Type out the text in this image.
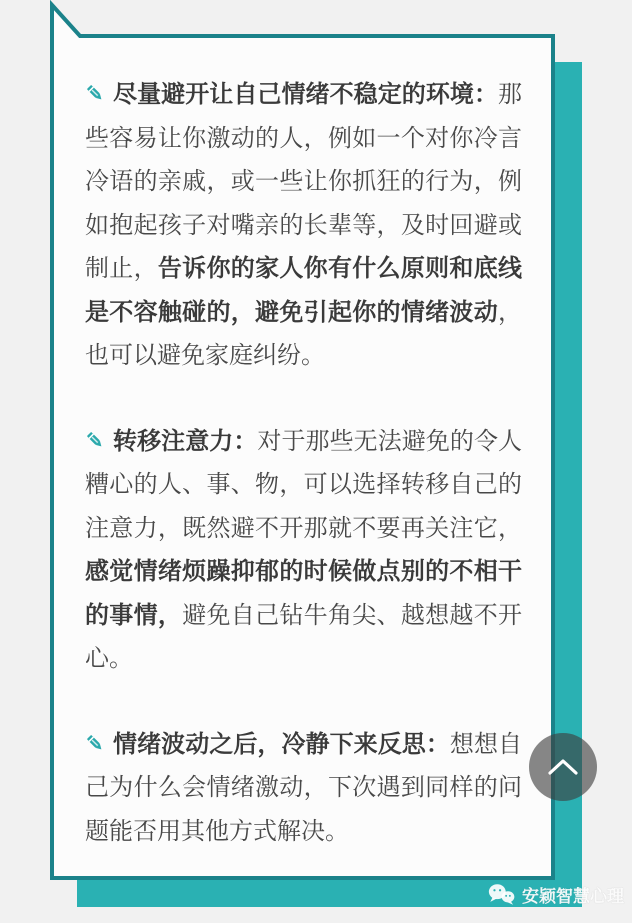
尽量避开让自己情绪不稳定的环境：那些容易让你激动的人，例如一个对你冷言冷语的亲戚，或一些让你抓狂的行为，例如抱起孩子对嘴亲的长辈等，及时回避或制止，告诉你的家人你有什么原则和底线是不容触碰的，避免引起你的情绪波动，也可以避免家庭纠纷。

转移注意力：对于那些无法避免的令人糟心的人、事、物，可以选择转移自己的注意力，既然避不开那就不要再关注它，感觉情绪烦躁抑郁的时候做点别的不相干的事情，避免自己钻牛角尖、越想越不开心。

情绪波动之后，冷静下来反思：想想自己为什么会情绪激动，下次遇到同样的问题能否用其他方式解决。

安颖智慧心理
